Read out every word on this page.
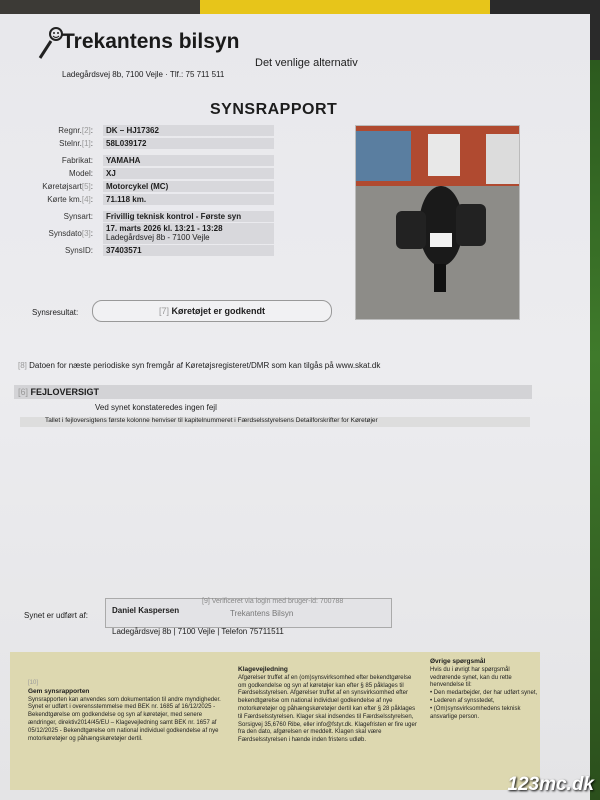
Trekantens bilsyn
Det venlige alternativ
Ladegårdsvej 8b, 7100 Vejle · Tlf.: 75 711 511
SYNSRAPPORT
Regnr.[2]:	DK – HJ17362
Stelnr.[1]:	58L039172
Fabrikat:	YAMAHA
Model:	XJ
Køretøjsart[5]:	Motorcykel (MC)
Kørte km.[4]:	71.118 km.
Synsart:	Frivillig teknisk kontrol - Første syn
Synsdato[3]:
17. marts 2026 kl. 13:21 - 13:28
Ladegårdsvej 8b - 7100 Vejle
SynsID:	37403571
Synsresultat:	[7] Køretøjet er godkendt
[8] Datoen for næste periodiske syn fremgår af Køretøjsregisteret/DMR som kan tilgås på www.skat.dk
[6] FEJLOVERSIGT
Ved synet konstateredes ingen fejl
Tallet i fejloversigtens første kolonne henviser til kapitelnummeret i Færdselsstyrelsens Detailforskrifter for Køretøjer
Synet er udført af:
Daniel Kaspersen
[9] Verificeret via login med bruger-id: 700788
Trekantens Bilsyn
Ladegårdsvej 8b | 7100 Vejle | Telefon 75711511
[10]
Gem synsrapporten
Synsrapporten kan anvendes som dokumentation til andre myndigheder.
Synet er udført i overensstemmelse med BEK nr. 1685 af 16/12/2025 - Bekendtgørelse om godkendelse og syn af køretøjer, med senere ændringer, direktiv2014/45/EU – Klagevejledning samt BEK nr. 1657 af 05/12/2025 - Bekendtgørelse om national individuel godkendelse af nye motorkøretøjer og påhængskøretøjer dertil.
Klagevejledning
Afgørelser truffet af en (om)synsvirksomhed efter bekendtgørelse om godkendelse og syn af køretøjer kan efter § 85 påklages til Færdselsstyrelsen. Afgørelser truffet af en synsvirksomhed efter bekendtgørelse om national individuel godkendelse af nye motorkøretøjer og påhængskøretøjer dertil kan efter § 28 påklages til Færdselsstyrelsen. Klager skal indsendes til Færdselsstyrelsen, Sorsigvej 35,6760 Ribe, eller info@fstyr.dk. Klagefristen er fire uger fra den dato, afgørelsen er meddelt. Klagen skal være Færdselsstyrelsen i hænde inden fristens udløb.
Øvrige spørgsmål
Hvis du i øvrigt har spørgsmål vedrørende synet, kan du rette henvendelse til:
• Den medarbejder, der har udført synet,
• Lederen af synsstedet,
• (Om)synsvirksomhedens teknisk ansvarlige person.
123mc.dk
